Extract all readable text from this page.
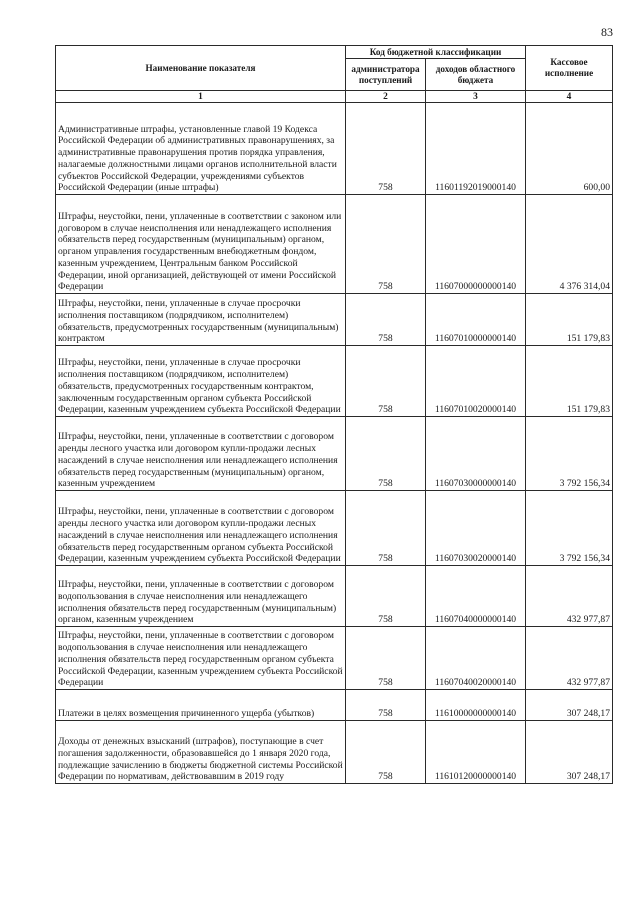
83
Наименование показателя	Код бюджетной классификации		Кассовое исполнение
	администратора поступлений	доходов областного бюджета	
1	2	3	4
Административные штрафы, установленные главой 19 Кодекса Российской Федерации об административных правонарушениях, за административные правонарушения против порядка управления, налагаемые должностными лицами органов исполнительной власти субъектов Российской Федерации, учреждениями субъектов Российской Федерации (иные штрафы)	758	11601192019000140	600,00
Штрафы, неустойки, пени, уплаченные в соответствии с законом или договором в случае неисполнения или ненадлежащего исполнения обязательств перед государственным (муниципальным) органом, органом управления государственным внебюджетным фондом, казенным учреждением, Центральным банком Российской Федерации, иной организацией, действующей от имени Российской Федерации	758	11607000000000140	4 376 314,04
Штрафы, неустойки, пени, уплаченные в случае просрочки исполнения поставщиком (подрядчиком, исполнителем) обязательств, предусмотренных государственным (муниципальным) контрактом	758	11607010000000140	151 179,83
Штрафы, неустойки, пени, уплаченные в случае просрочки исполнения поставщиком (подрядчиком, исполнителем) обязательств, предусмотренных государственным контрактом, заключенным государственным органом субъекта Российской Федерации, казенным учреждением субъекта Российской Федерации	758	11607010020000140	151 179,83
Штрафы, неустойки, пени, уплаченные в соответствии с договором аренды лесного участка или договором купли-продажи лесных насаждений в случае неисполнения или ненадлежащего исполнения обязательств перед государственным (муниципальным) органом, казенным учреждением	758	11607030000000140	3 792 156,34
Штрафы, неустойки, пени, уплаченные в соответствии с договором аренды лесного участка или договором купли-продажи лесных насаждений в случае неисполнения или ненадлежащего исполнения обязательств перед государственным органом субъекта Российской Федерации, казенным учреждением субъекта Российской Федерации	758	11607030020000140	3 792 156,34
Штрафы, неустойки, пени, уплаченные в соответствии с договором водопользования в случае неисполнения или ненадлежащего исполнения обязательств перед государственным (муниципальным) органом, казенным учреждением	758	11607040000000140	432 977,87
Штрафы, неустойки, пени, уплаченные в соответствии с договором водопользования в случае неисполнения или ненадлежащего исполнения обязательств перед государственным органом субъекта Российской Федерации, казенным учреждением субъекта Российской Федерации	758	11607040020000140	432 977,87
Платежи в целях возмещения причиненного ущерба (убытков)	758	11610000000000140	307 248,17
Доходы от денежных взысканий (штрафов), поступающие в счет погашения задолженности, образовавшейся до 1 января 2020 года, подлежащие зачислению в бюджеты бюджетной системы Российской Федерации по нормативам, действовавшим в 2019 году	758	11610120000000140	307 248,17
